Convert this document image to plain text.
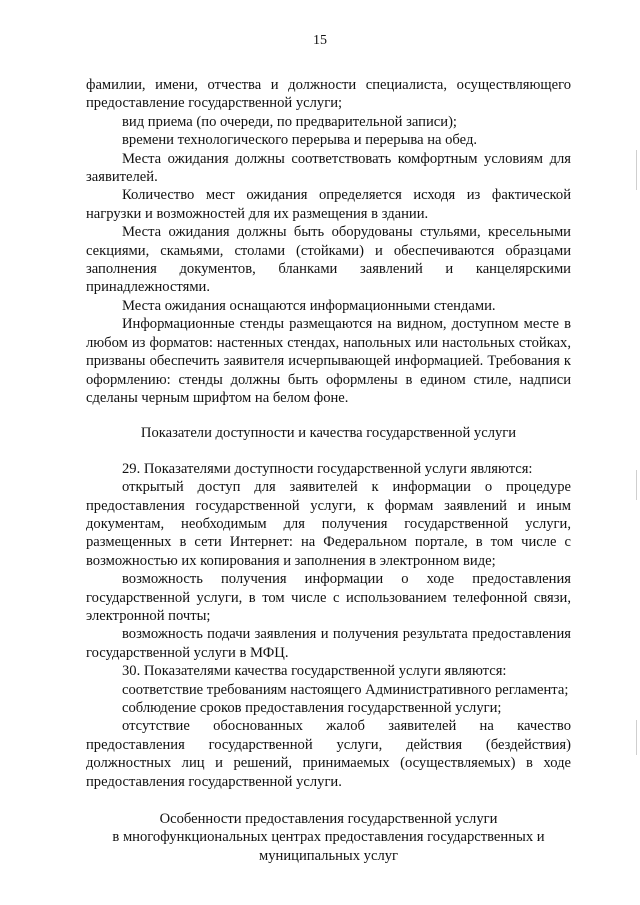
15

фамилии, имени, отчества и должности специалиста, осуществляющего предоставление государственной услуги;

вид приема (по очереди, по предварительной записи);

времени технологического перерыва и перерыва на обед.

Места ожидания должны соответствовать комфортным условиям для заявителей.

Количество мест ожидания определяется исходя из фактической нагрузки и возможностей для их размещения в здании.

Места ожидания должны быть оборудованы стульями, кресельными секциями, скамьями, столами (стойками) и обеспечиваются образцами заполнения документов, бланками заявлений и канцелярскими принадлежностями.

Места ожидания оснащаются информационными стендами.

Информационные стенды размещаются на видном, доступном месте в любом из форматов: настенных стендах, напольных или настольных стойках, призваны обеспечить заявителя исчерпывающей информацией. Требования к оформлению: стенды должны быть оформлены в едином стиле, надписи сделаны черным шрифтом на белом фоне.

Показатели доступности и качества государственной услуги

29. Показателями доступности государственной услуги являются:

открытый доступ для заявителей к информации о процедуре предоставления государственной услуги, к формам заявлений и иным документам, необходимым для получения государственной услуги, размещенных в сети Интернет: на Федеральном портале, в том числе с возможностью их копирования и заполнения в электронном виде;

возможность получения информации о ходе предоставления государственной услуги, в том числе с использованием телефонной связи, электронной почты;

возможность подачи заявления и получения результата предоставления государственной услуги в МФЦ.

30. Показателями качества государственной услуги являются:

соответствие требованиям настоящего Административного регламента;

соблюдение сроков предоставления государственной услуги;

отсутствие обоснованных жалоб заявителей на качество предоставления государственной услуги, действия (бездействия) должностных лиц и решений, принимаемых (осуществляемых) в ходе предоставления государственной услуги.

Особенности предоставления государственной услуги

в многофункциональных центрах предоставления государственных и

муниципальных услуг
